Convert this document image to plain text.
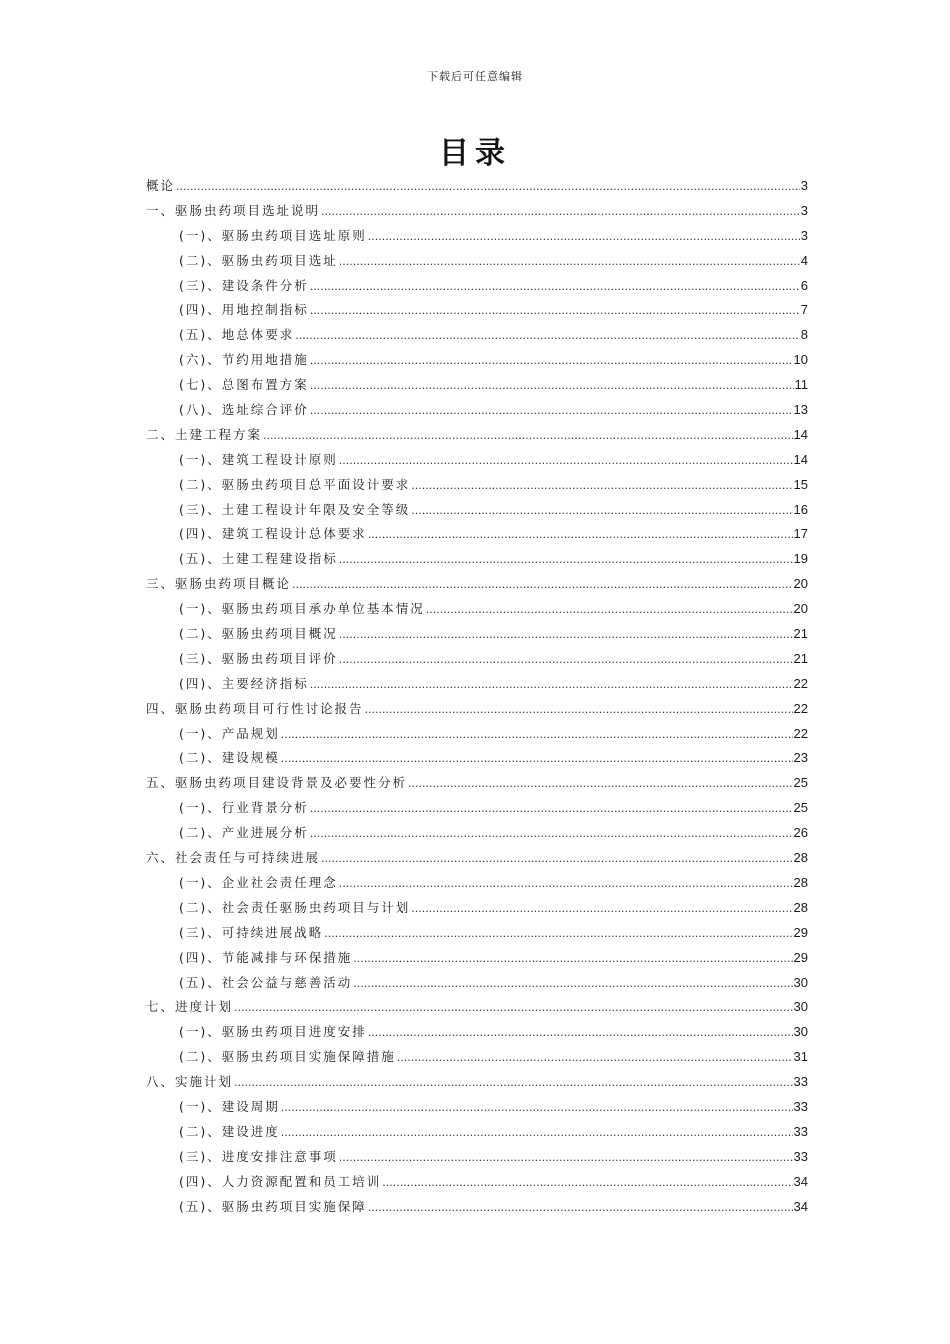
下载后可任意编辑
目录
概论 .....	3
一、驱肠虫药项目选址说明 .....	3
(一)、驱肠虫药项目选址原则 .....	3
(二)、驱肠虫药项目选址 .....	4
(三)、建设条件分析 .....	6
(四)、用地控制指标 .....	7
(五)、地总体要求 .....	8
(六)、节约用地措施 .....	10
(七)、总图布置方案 .....	11
(八)、选址综合评价 .....	13
二、土建工程方案 .....	14
(一)、建筑工程设计原则 .....	14
(二)、驱肠虫药项目总平面设计要求 .....	15
(三)、土建工程设计年限及安全等级 .....	16
(四)、建筑工程设计总体要求 .....	17
(五)、土建工程建设指标 .....	19
三、驱肠虫药项目概论 .....	20
(一)、驱肠虫药项目承办单位基本情况 .....	20
(二)、驱肠虫药项目概况 .....	21
(三)、驱肠虫药项目评价 .....	21
(四)、主要经济指标 .....	22
四、驱肠虫药项目可行性讨论报告 .....	22
(一)、产品规划 .....	22
(二)、建设规模 .....	23
五、驱肠虫药项目建设背景及必要性分析 .....	25
(一)、行业背景分析 .....	25
(二)、产业进展分析 .....	26
六、社会责任与可持续进展 .....	28
(一)、企业社会责任理念 .....	28
(二)、社会责任驱肠虫药项目与计划 .....	28
(三)、可持续进展战略 .....	29
(四)、节能减排与环保措施 .....	29
(五)、社会公益与慈善活动 .....	30
七、进度计划 .....	30
(一)、驱肠虫药项目进度安排 .....	30
(二)、驱肠虫药项目实施保障措施 .....	31
八、实施计划 .....	33
(一)、建设周期 .....	33
(二)、建设进度 .....	33
(三)、进度安排注意事项 .....	33
(四)、人力资源配置和员工培训 .....	34
(五)、驱肠虫药项目实施保障 .....	34
